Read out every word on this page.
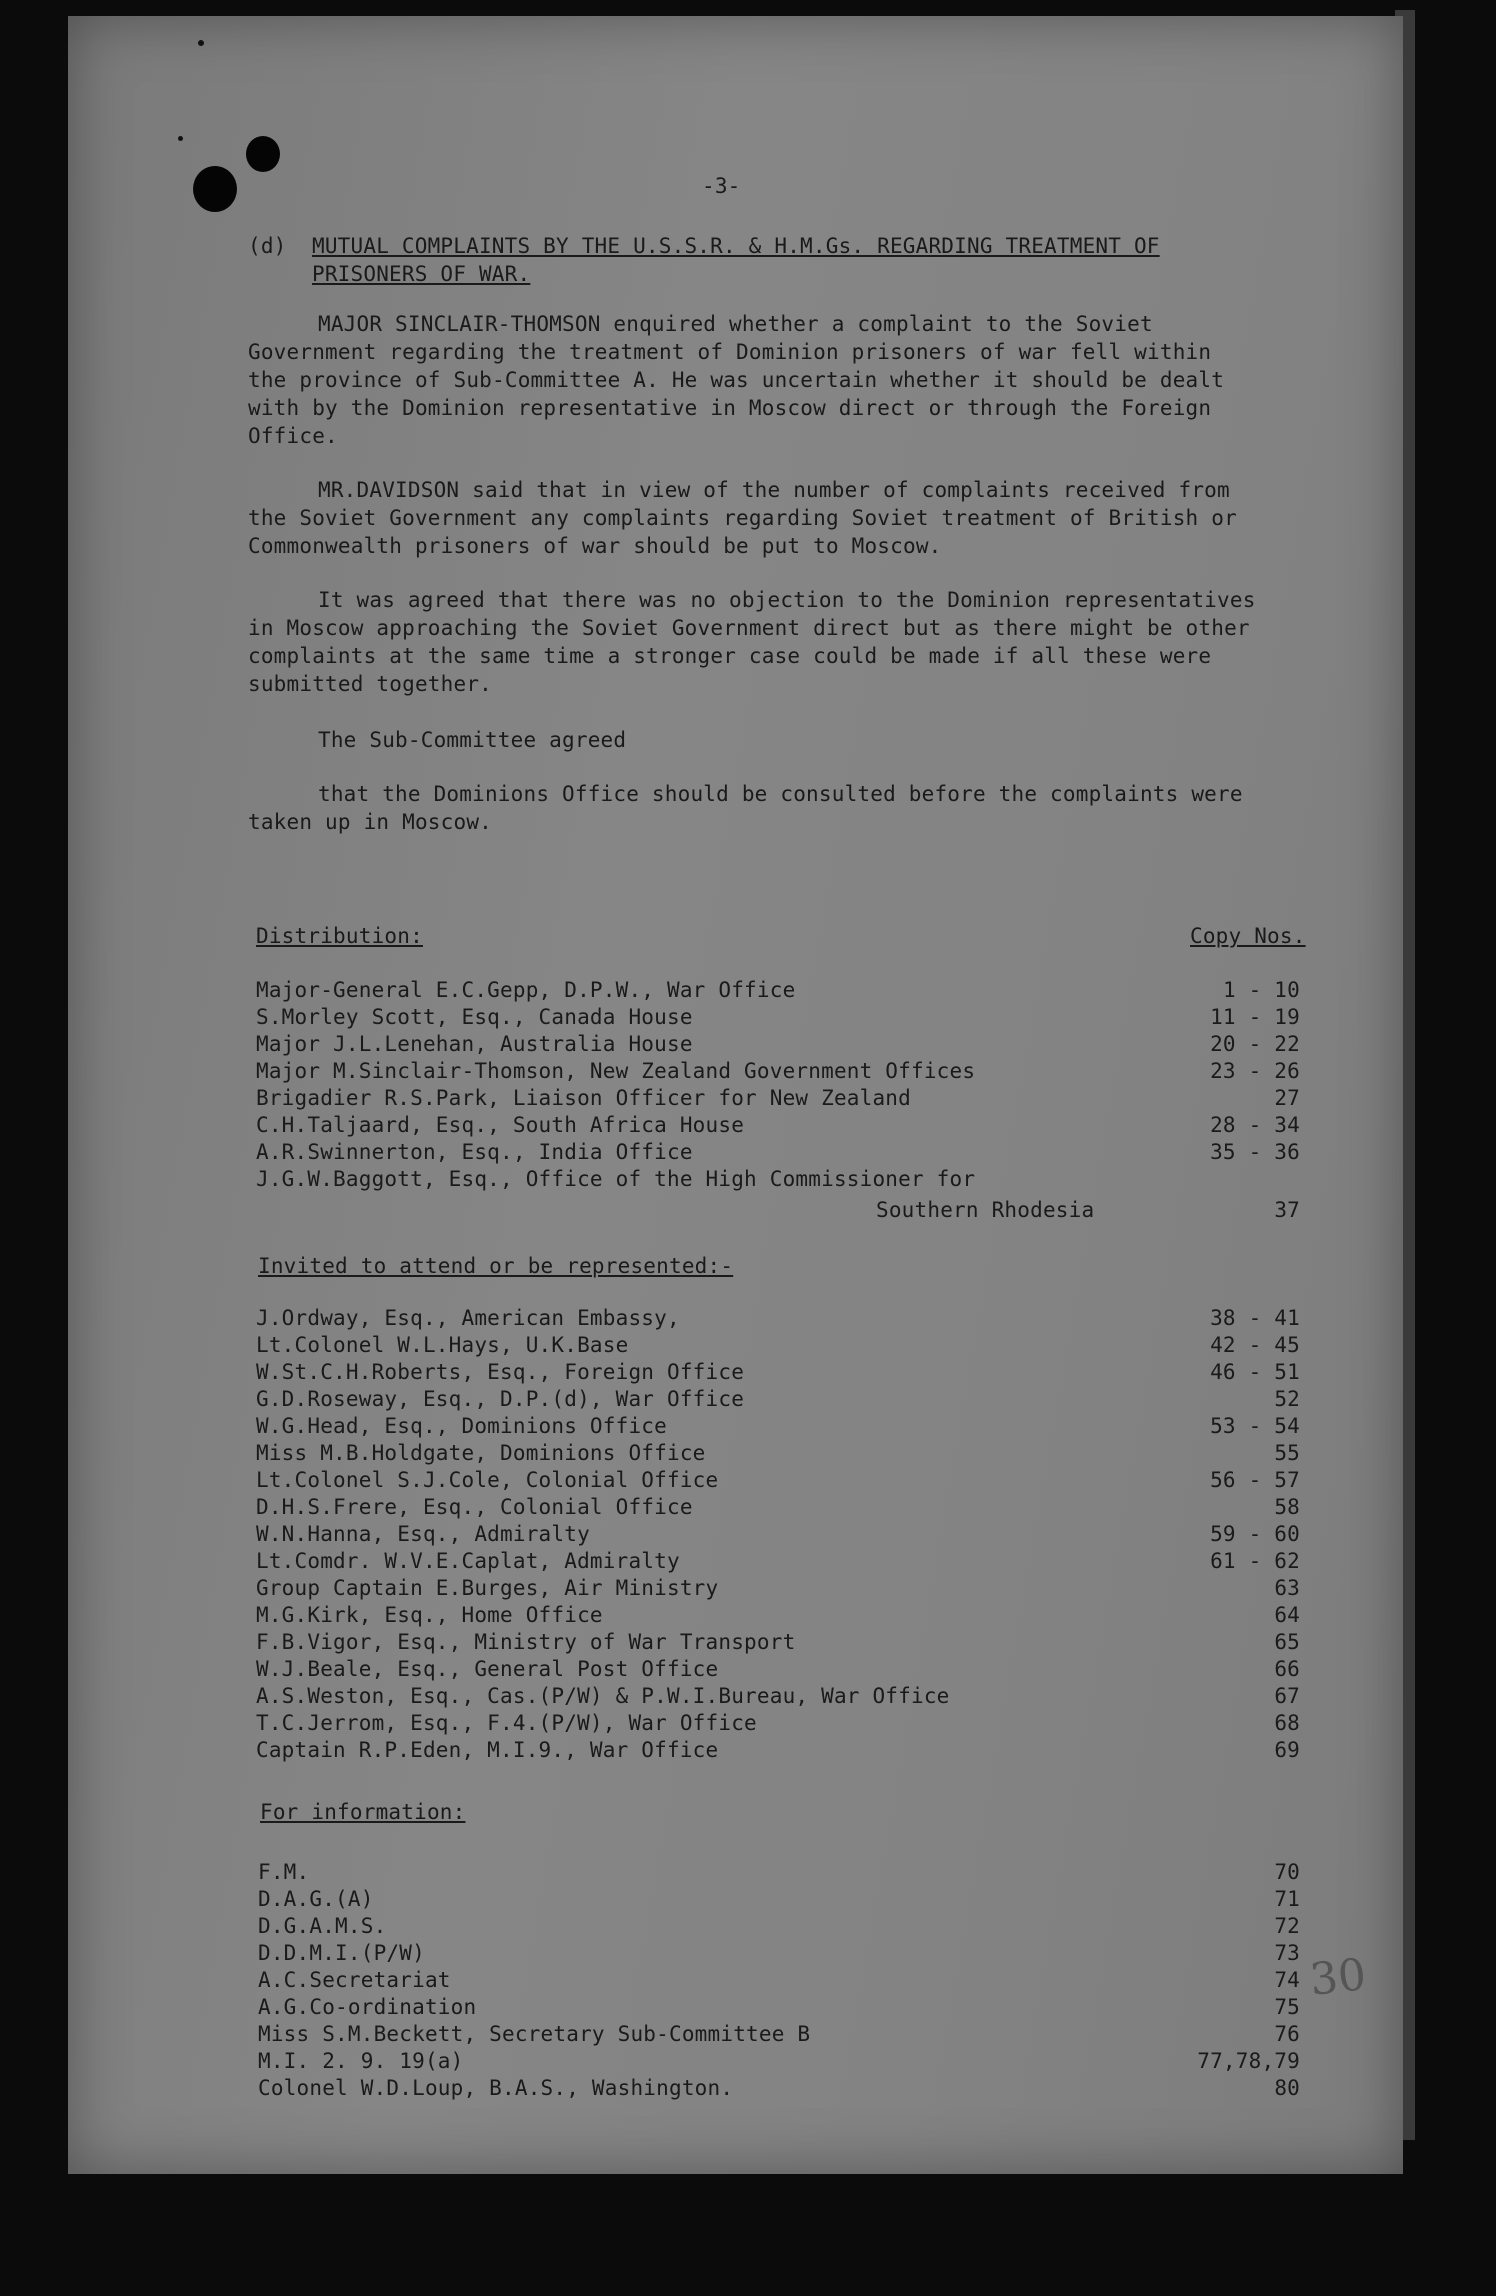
-3-
(d) MUTUAL COMPLAINTS BY THE U.S.S.R. & H.M.Gs. REGARDING TREATMENT OF
PRISONERS OF WAR.
MAJOR SINCLAIR-THOMSON enquired whether a complaint to the Soviet
Government regarding the treatment of Dominion prisoners of war fell within
the province of Sub-Committee A. He was uncertain whether it should be dealt
with by the Dominion representative in Moscow direct or through the Foreign
Office.
MR.DAVIDSON said that in view of the number of complaints received from
the Soviet Government any complaints regarding Soviet treatment of British or
Commonwealth prisoners of war should be put to Moscow.
It was agreed that there was no objection to the Dominion representatives
in Moscow approaching the Soviet Government direct but as there might be other
complaints at the same time a stronger case could be made if all these were
submitted together.
The Sub-Committee agreed
that the Dominions Office should be consulted before the complaints were
taken up in Moscow.
Distribution:	Copy Nos.
Major-General E.C.Gepp, D.P.W., War Office	1 - 10
S.Morley Scott, Esq., Canada House	11 - 19
Major J.L.Lenehan, Australia House	20 - 22
Major M.Sinclair-Thomson, New Zealand Government Offices	23 - 26
Brigadier R.S.Park, Liaison Officer for New Zealand	27
C.H.Taljaard, Esq., South Africa House	28 - 34
A.R.Swinnerton, Esq., India Office	35 - 36
J.G.W.Baggott, Esq., Office of the High Commissioner for
Southern Rhodesia	37
Invited to attend or be represented:-
J.Ordway, Esq., American Embassy,	38 - 41
Lt.Colonel W.L.Hays, U.K.Base	42 - 45
W.St.C.H.Roberts, Esq., Foreign Office	46 - 51
G.D.Roseway, Esq., D.P.(d), War Office	52
W.G.Head, Esq., Dominions Office	53 - 54
Miss M.B.Holdgate, Dominions Office	55
Lt.Colonel S.J.Cole, Colonial Office	56 - 57
D.H.S.Frere, Esq., Colonial Office	58
W.N.Hanna, Esq., Admiralty	59 - 60
Lt.Comdr. W.V.E.Caplat, Admiralty	61 - 62
Group Captain E.Burges, Air Ministry	63
M.G.Kirk, Esq., Home Office	64
F.B.Vigor, Esq., Ministry of War Transport	65
W.J.Beale, Esq., General Post Office	66
A.S.Weston, Esq., Cas.(P/W) & P.W.I.Bureau, War Office	67
T.C.Jerrom, Esq., F.4.(P/W), War Office	68
Captain R.P.Eden, M.I.9., War Office	69
For information:
F.M.	70
D.A.G.(A)	71
D.G.A.M.S.	72
D.D.M.I.(P/W)	73
A.C.Secretariat	74
A.G.Co-ordination	75
Miss S.M.Beckett, Secretary Sub-Committee B	76
M.I. 2. 9. 19(a)	77,78,79
Colonel W.D.Loup, B.A.S., Washington.	80
30
